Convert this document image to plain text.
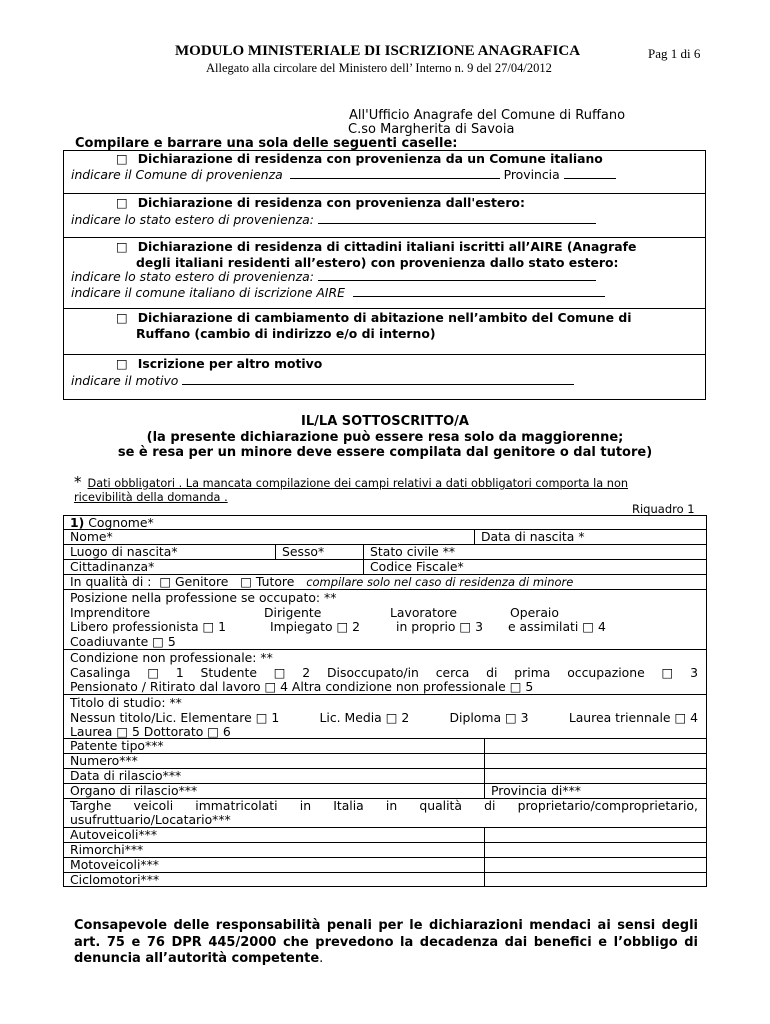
MODULO MINISTERIALE DI ISCRIZIONE ANAGRAFICA	Pag 1 di 6
Allegato alla circolare del Ministero dell’ Interno n. 9 del 27/04/2012
All'Ufficio Anagrafe del Comune di Ruffano
C.so Margherita di Savoia
Compilare e barrare una sola delle seguenti caselle:
□ Dichiarazione di residenza con provenienza da un Comune italiano
indicare il Comune di provenienza	Provincia
□ Dichiarazione di residenza con provenienza dall'estero:
indicare lo stato estero di provenienza:
□ Dichiarazione di residenza di cittadini italiani iscritti all’AIRE (Anagrafe
degli italiani residenti all’estero) con provenienza dallo stato estero:
indicare lo stato estero di provenienza:
indicare il comune italiano di iscrizione AIRE
□ Dichiarazione di cambiamento di abitazione nell’ambito del Comune di
Ruffano (cambio di indirizzo e/o di interno)
□ Iscrizione per altro motivo
indicare il motivo
IL/LA SOTTOSCRITTO/A
(la presente dichiarazione può essere resa solo da maggiorenne;
se è resa per un minore deve essere compilata dal genitore o dal tutore)
* Dati obbligatori . La mancata compilazione dei campi relativi a dati obbligatori comporta la non
ricevibilità della domanda .
Riquadro 1
1) Cognome*
Nome*	Data di nascita *
Luogo di nascita*	Sesso*	Stato civile **
Cittadinanza*	Codice Fiscale*
In qualità di : □ Genitore □ Tutore compilare solo nel caso di residenza di minore
Posizione nella professione se occupato: **
Imprenditore	Dirigente	Lavoratore	Operaio
Libero professionista □ 1	Impiegato □ 2	in proprio □ 3 e assimilati □ 4
Coadiuvante □ 5
Condizione non professionale: **
Casalinga □ 1 Studente □ 2 Disoccupato/in cerca di prima occupazione □ 3
Pensionato / Ritirato dal lavoro □ 4 Altra condizione non professionale □ 5
Titolo di studio: **
Nessun titolo/Lic. Elementare □ 1	Lic. Media □ 2	Diploma □ 3	Laurea triennale □ 4
Laurea □ 5 Dottorato □ 6
Patente tipo***
Numero***
Data di rilascio***
Organo di rilascio***	Provincia di***
Targhe veicoli immatricolati in Italia in qualità di proprietario/comproprietario,
usufruttuario/Locatario***
Autoveicoli***
Rimorchi***
Motoveicoli***
Ciclomotori***
Consapevole delle responsabilità penali per le dichiarazioni mendaci ai sensi degli art. 75 e 76 DPR 445/2000 che prevedono la decadenza dai benefici e l’obbligo di denuncia all’autorità competente.
